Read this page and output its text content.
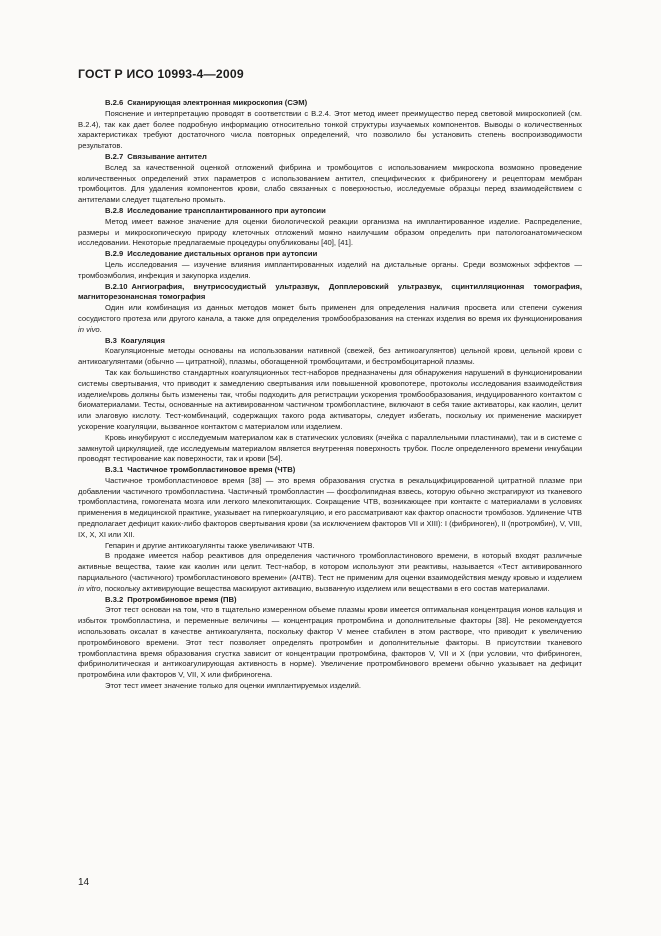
ГОСТ Р ИСО 10993-4—2009

В.2.6 Сканирующая электронная микроскопия (СЭМ)

Пояснение и интерпретацию проводят в соответствии с В.2.4. Этот метод имеет преимущество перед световой микроскопией (см. В.2.4), так как дает более подробную информацию относительно тонкой структуры изучаемых компонентов. Выводы о количественных характеристиках требуют достаточного числа повторных определений, что позволило бы установить степень воспроизводимости результатов.

В.2.7 Связывание антител

Вслед за качественной оценкой отложений фибрина и тромбоцитов с использованием микроскопа возможно проведение количественных определений этих параметров с использованием антител, специфических к фибриногену и рецепторам мембран тромбоцитов. Для удаления компонентов крови, слабо связанных с поверхностью, исследуемые образцы перед взаимодействием с антителами следует тщательно промыть.

В.2.8 Исследование трансплантированного при аутопсии

Метод имеет важное значение для оценки биологической реакции организма на имплантированное изделие. Распределение, размеры и микроскопическую природу клеточных отложений можно наилучшим образом определить при патологоанатомическом исследовании. Некоторые предлагаемые процедуры опубликованы [40], [41].

В.2.9 Исследование дистальных органов при аутопсии

Цель исследования — изучение влияния имплантированных изделий на дистальные органы. Среди возможных эффектов — тромбоэмболия, инфекция и закупорка изделия.

В.2.10 Ангиография, внутрисосудистый ультразвук, Допплеровский ультразвук, сцинтилляционная томография, магниторезонансная томография

Один или комбинация из данных методов может быть применен для определения наличия просвета или степени сужения сосудистого протеза или другого канала, а также для определения тромбообразования на стенках изделия во время их функционирования in vivo.

В.3 Коагуляция

Коагуляционные методы основаны на использовании нативной (свежей, без антикоагулянтов) цельной крови, цельной крови с антикоагулянтами (обычно — цитратной), плазмы, обогащенной тромбоцитами, и бестромбоцитарной плазмы.

Так как большинство стандартных коагуляционных тест-наборов предназначены для обнаружения нарушений в функционировании системы свертывания, что приводит к замедлению свертывания или повышенной кровопотере, протоколы исследования взаимодействия изделие/кровь должны быть изменены так, чтобы подходить для регистрации ускорения тромбообразования, индуцированного контактом с биоматериалами. Тесты, основанные на активированном частичном тромбопластине, включают в себя такие активаторы, как каолин, целит или элаговую кислоту. Тест-комбинаций, содержащих такого рода активаторы, следует избегать, поскольку их применение маскирует ускорение коагуляции, вызванное контактом с материалом или изделием.

Кровь инкубируют с исследуемым материалом как в статических условиях (ячейка с параллельными пластинами), так и в системе с замкнутой циркуляцией, где исследуемым материалом является внутренняя поверхность трубок. После определенного времени инкубации проводят тестирование как поверхности, так и крови [54].

В.3.1 Частичное тромбопластиновое время (ЧТВ)

Частичное тромбопластиновое время [38] — это время образования сгустка в рекальцифицированной цитратной плазме при добавлении частичного тромбопластина. Частичный тромбопластин — фосфолипидная взвесь, которую обычно экстрагируют из тканевого тромбопластина, гомогената мозга или легкого млекопитающих. Сокращение ЧТВ, возникающее при контакте с материалами в условиях применения в медицинской практике, указывает на гиперкоагуляцию, и его рассматривают как фактор опасности тромбозов. Удлинение ЧТВ предполагает дефицит каких-либо факторов свертывания крови (за исключением факторов VII и XIII): I (фибриноген), II (протромбин), V, VIII, IX, X, XI или XII.

Гепарин и другие антикоагулянты также увеличивают ЧТВ.

В продаже имеется набор реактивов для определения частичного тромбопластинового времени, в который входят различные активные вещества, такие как каолин или целит. Тест-набор, в котором используют эти реактивы, называется «Тест активированного парциального (частичного) тромбопластинового времени» (АЧТВ). Тест не применим для оценки взаимодействия между кровью и изделием in vitro, поскольку активирующие вещества маскируют активацию, вызванную изделием или веществами в его состав материалами.

В.3.2 Протромбиновое время (ПВ)

Этот тест основан на том, что в тщательно измеренном объеме плазмы крови имеется оптимальная концентрация ионов кальция и избыток тромбопластина, и переменные величины — концентрация протромбина и дополнительные факторы [38]. Не рекомендуется использовать оксалат в качестве антикоагулянта, поскольку фактор V менее стабилен в этом растворе, что приводит к увеличению протромбинового времени. Этот тест позволяет определять протромбин и дополнительные факторы. В присутствии тканевого тромбопластина время образования сгустка зависит от концентрации протромбина, факторов V, VII и X (при условии, что фибриноген, фибринолитическая и антикоагулирующая активность в норме). Увеличение протромбинового времени обычно указывает на дефицит протромбина или факторов V, VII, X или фибриногена.

Этот тест имеет значение только для оценки имплантируемых изделий.

14
